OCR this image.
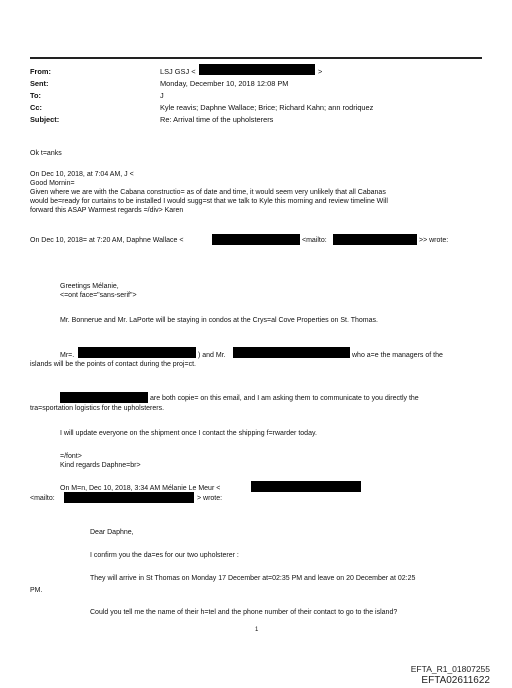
From:	LSJ GSJ <	>
Sent:	Monday, December 10, 2018 12:08 PM
To:	J
Cc:	Kyle reavis; Daphne Wallace; Brice; Richard Kahn; ann rodriquez
Subject:	Re: Arrival time of the upholsterers
Ok t=anks
On Dec 10, 2018, at 7:04 AM, J <
Good Mornin=
Given where we are with the Cabana constructio= as of date and time, it would seem very unlikely that all Cabanas
would be=ready for curtains to be installed I would sugg=st that we talk to Kyle this morning and review timeline Will
forward this ASAP Warmest regards =/div> Karen
On Dec 10, 2018= at 7:20 AM, Daphne Wallace <	<mailto:	>> wrote:
Greetings Mélanie,
<=ont face="sans-serif">
Mr. Bonnerue and Mr. LaPorte will be staying in condos at the Crys=al Cove Properties on St. Thomas.
Mr=.	) and Mr.	who a=e the managers of the
islands will be the points of contact during the proj=ct.
are both copie= on this email, and I am asking them to communicate to you directly the
tra=sportation logistics for the upholsterers.
I will update everyone on the shipment once I contact the shipping f=rwarder today.
=/font>
Kind regards Daphne=br>
On M=n, Dec 10, 2018, 3:34 AM Mélanie Le Meur <
<mailto:	> wrote:
Dear Daphne,
I confirm you the da=es for our two upholsterer :
They will arrive in St Thomas on Monday 17 December at=02:35 PM and leave on 20 December at 02:25
PM.
Could you tell me the name of their h=tel and the phone number of their contact to go to the island?
1
EFTA_R1_01807255
EFTA02611622
